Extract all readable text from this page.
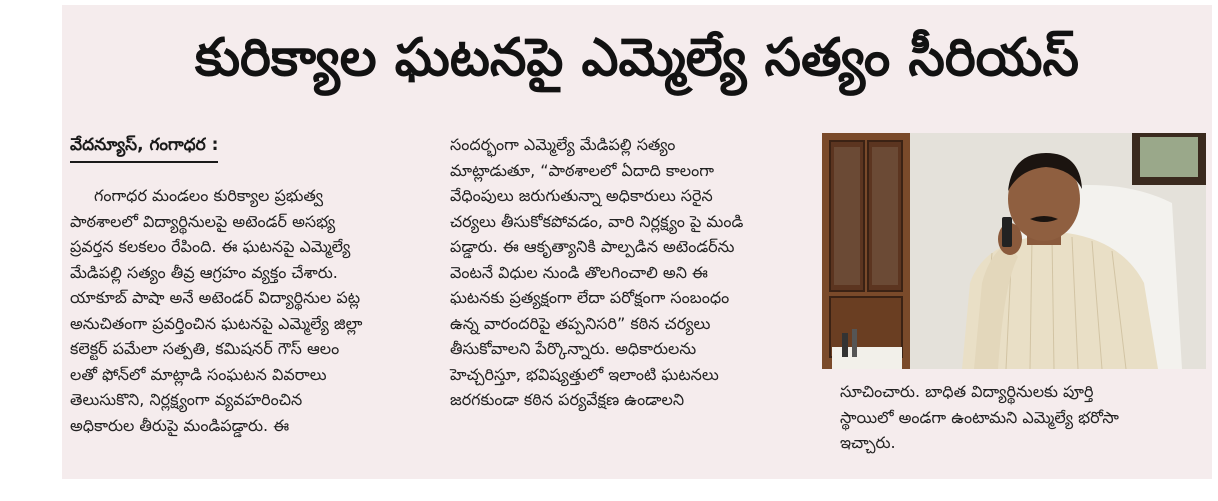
కురిక్యాల ఘటనపై ఎమ్మెల్యే సత్యం సీరియస్
వేదన్యూస్, గంగాధర :
గంగాధర మండలం కురిక్యాల ప్రభుత్వ
పాఠశాలలో విద్యార్థినులపై అటెండర్ అసభ్య
ప్రవర్తన కలకలం రేపింది. ఈ ఘటనపై ఎమ్మెల్యే
మేడిపల్లి సత్యం తీవ్ర ఆగ్రహం వ్యక్తం చేశారు.
యాకూబ్ పాషా అనే అటెండర్ విద్యార్థినుల పట్ల
అనుచితంగా ప్రవర్తించిన ఘటనపై ఎమ్మెల్యే జిల్లా
కలెక్టర్ పమేలా సత్పతి, కమిషనర్ గౌస్ ఆలం
లతో ఫోన్‌లో మాట్లాడి సంఘటన వివరాలు
తెలుసుకొని, నిర్లక్ష్యంగా వ్యవహరించిన
అధికారుల తీరుపై మండిపడ్డారు. ఈ
సందర్భంగా ఎమ్మెల్యే మేడిపల్లి సత్యం
మాట్లాడుతూ, “పాఠశాలలో ఏదాది కాలంగా
వేధింపులు జరుగుతున్నా అధికారులు సరైన
చర్యలు తీసుకోకపోవడం, వారి నిర్లక్ష్యం పై మండి
పడ్డారు. ఈ ఆకృత్యానికి పాల్పడిన అటెండర్‌ను
వెంటనే విధుల నుండి తొలగించాలి అని ఈ
ఘటనకు ప్రత్యక్షంగా లేదా పరోక్షంగా సంబంధం
ఉన్న వారందరిపై తప్పనిసరి” కఠిన చర్యలు
తీసుకోవాలని పేర్కొన్నారు. అధికారులను
హెచ్చరిస్తూ, భవిష్యత్తులో ఇలాంటి ఘటనలు
జరగకుండా కఠిన పర్యవేక్షణ ఉండాలని	సూచించారు. బాధిత విద్యార్థినులకు పూర్తి
స్థాయిలో అండగా ఉంటామని ఎమ్మెల్యే భరోసా
ఇచ్చారు.
